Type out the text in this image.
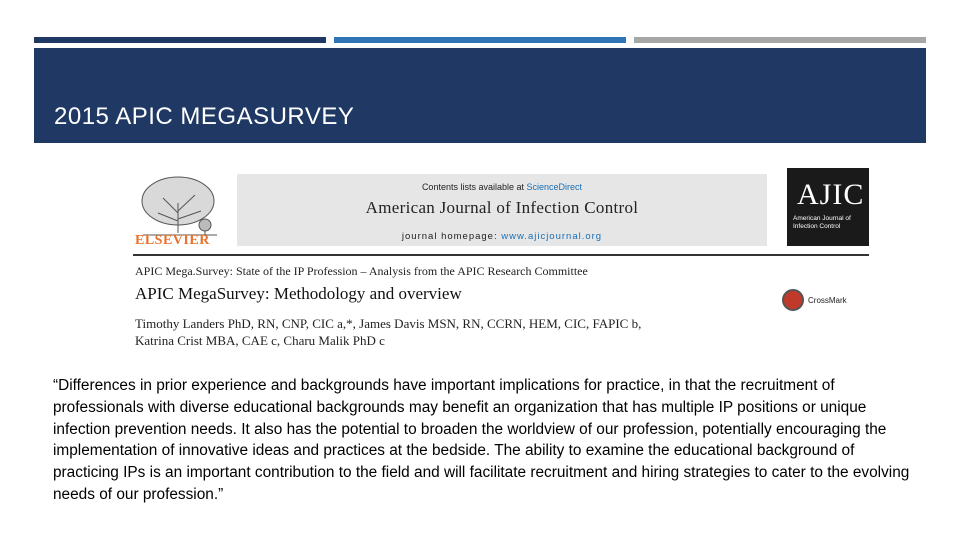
2015 APIC MEGASURVEY
ELSEVIER
Contents lists available at ScienceDirect
American Journal of Infection Control
journal homepage: www.ajicjournal.org
AJIC
American Journal of Infection Control
APIC Mega.Survey: State of the IP Profession – Analysis from the APIC Research Committee
APIC MegaSurvey: Methodology and overview	CrossMark
Timothy Landers PhD, RN, CNP, CIC a,*, James Davis MSN, RN, CCRN, HEM, CIC, FAPIC b,
Katrina Crist MBA, CAE c, Charu Malik PhD c
“Differences in prior experience and backgrounds have important implications for practice, in that the recruitment of professionals with diverse educational backgrounds may benefit an organization that has multiple IP positions or unique infection prevention needs. It also has the potential to broaden the worldview of our profession, potentially encouraging the implementation of innovative ideas and practices at the bedside. The ability to examine the educational background of practicing IPs is an important contribution to the field and will facilitate recruitment and hiring strategies to cater to the evolving needs of our profession.”
